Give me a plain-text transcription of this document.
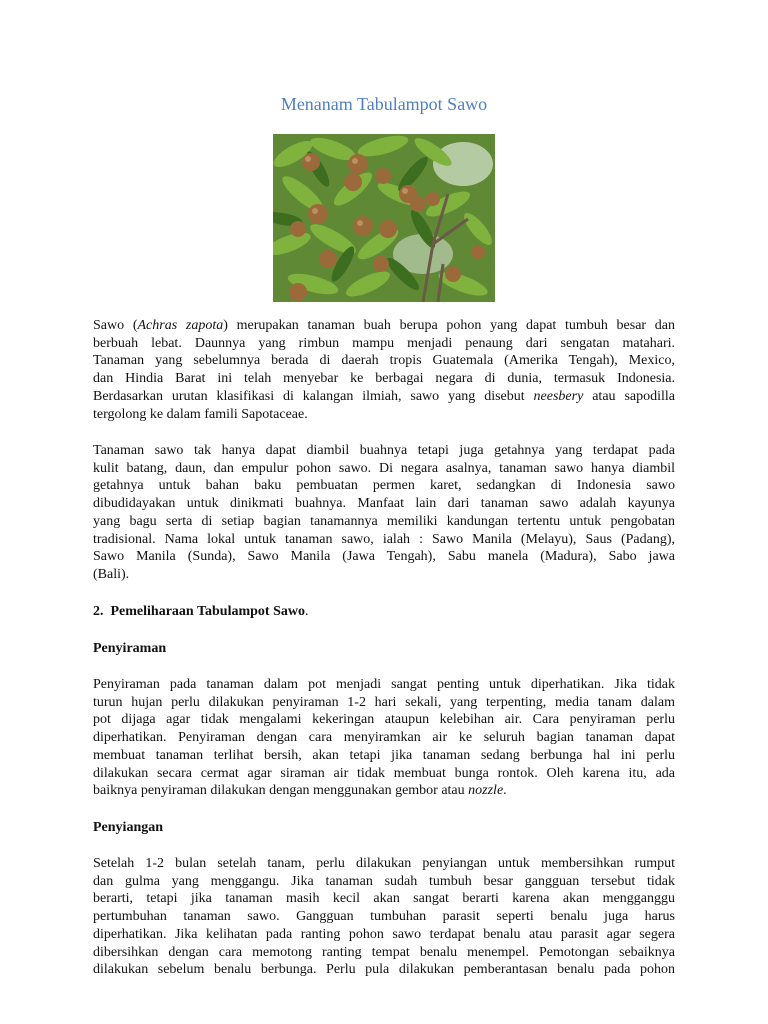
Menanam Tabulampot Sawo
Sawo (Achras zapota) merupakan tanaman buah berupa pohon yang dapat tumbuh besar dan
berbuah lebat. Daunnya yang rimbun mampu menjadi penaung dari sengatan matahari.
Tanaman yang sebelumnya berada di daerah tropis Guatemala (Amerika Tengah), Mexico,
dan Hindia Barat ini telah menyebar ke berbagai negara di dunia, termasuk Indonesia.
Berdasarkan urutan klasifikasi di kalangan ilmiah, sawo yang disebut neesbery atau sapodilla
tergolong ke dalam famili Sapotaceae.
Tanaman sawo tak hanya dapat diambil buahnya tetapi juga getahnya yang terdapat pada
kulit batang, daun, dan empulur pohon sawo. Di negara asalnya, tanaman sawo hanya diambil
getahnya untuk bahan baku pembuatan permen karet, sedangkan di Indonesia sawo
dibudidayakan untuk dinikmati buahnya. Manfaat lain dari tanaman sawo adalah kayunya
yang bagu serta di setiap bagian tanamannya memiliki kandungan tertentu untuk pengobatan
tradisional. Nama lokal untuk tanaman sawo, ialah : Sawo Manila (Melayu), Saus (Padang),
Sawo Manila (Sunda), Sawo Manila (Jawa Tengah), Sabu manela (Madura), Sabo jawa
(Bali).
2. Pemeliharaan Tabulampot Sawo.
Penyiraman
Penyiraman pada tanaman dalam pot menjadi sangat penting untuk diperhatikan. Jika tidak
turun hujan perlu dilakukan penyiraman 1-2 hari sekali, yang terpenting, media tanam dalam
pot dijaga agar tidak mengalami kekeringan ataupun kelebihan air. Cara penyiraman perlu
diperhatikan. Penyiraman dengan cara menyiramkan air ke seluruh bagian tanaman dapat
membuat tanaman terlihat bersih, akan tetapi jika tanaman sedang berbunga hal ini perlu
dilakukan secara cermat agar siraman air tidak membuat bunga rontok. Oleh karena itu, ada
baiknya penyiraman dilakukan dengan menggunakan gembor atau nozzle.
Penyiangan
Setelah 1-2 bulan setelah tanam, perlu dilakukan penyiangan untuk membersihkan rumput
dan gulma yang menggangu. Jika tanaman sudah tumbuh besar gangguan tersebut tidak
berarti, tetapi jika tanaman masih kecil akan sangat berarti karena akan mengganggu
pertumbuhan tanaman sawo. Gangguan tumbuhan parasit seperti benalu juga harus
diperhatikan. Jika kelihatan pada ranting pohon sawo terdapat benalu atau parasit agar segera
dibersihkan dengan cara memotong ranting tempat benalu menempel. Pemotongan sebaiknya
dilakukan sebelum benalu berbunga. Perlu pula dilakukan pemberantasan benalu pada pohon
